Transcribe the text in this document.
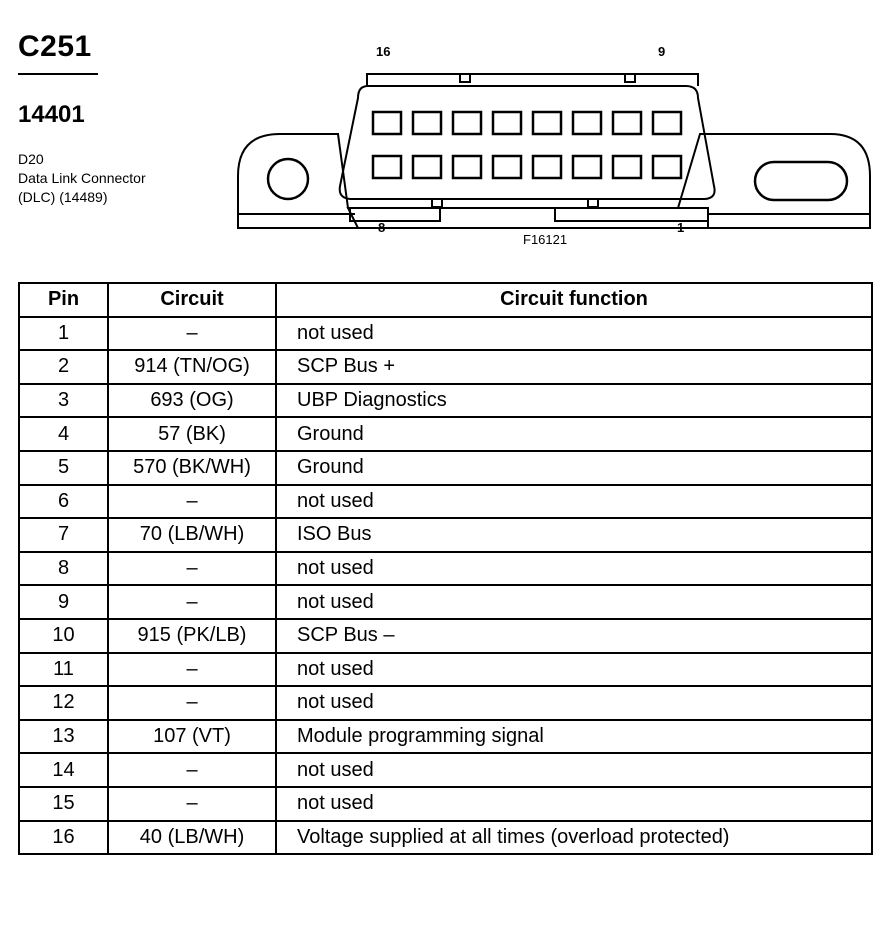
C251
14401
D20
Data Link Connector
(DLC) (14489)
16	9
8	1
F16121
Pin	Circuit	Circuit function
1	–	not used
2	914 (TN/OG)	SCP Bus +
3	693 (OG)	UBP Diagnostics
4	57 (BK)	Ground
5	570 (BK/WH)	Ground
6	–	not used
7	70 (LB/WH)	ISO Bus
8	–	not used
9	–	not used
10	915 (PK/LB)	SCP Bus –
11	–	not used
12	–	not used
13	107 (VT)	Module programming signal
14	–	not used
15	–	not used
16	40 (LB/WH)	Voltage supplied at all times (overload protected)
